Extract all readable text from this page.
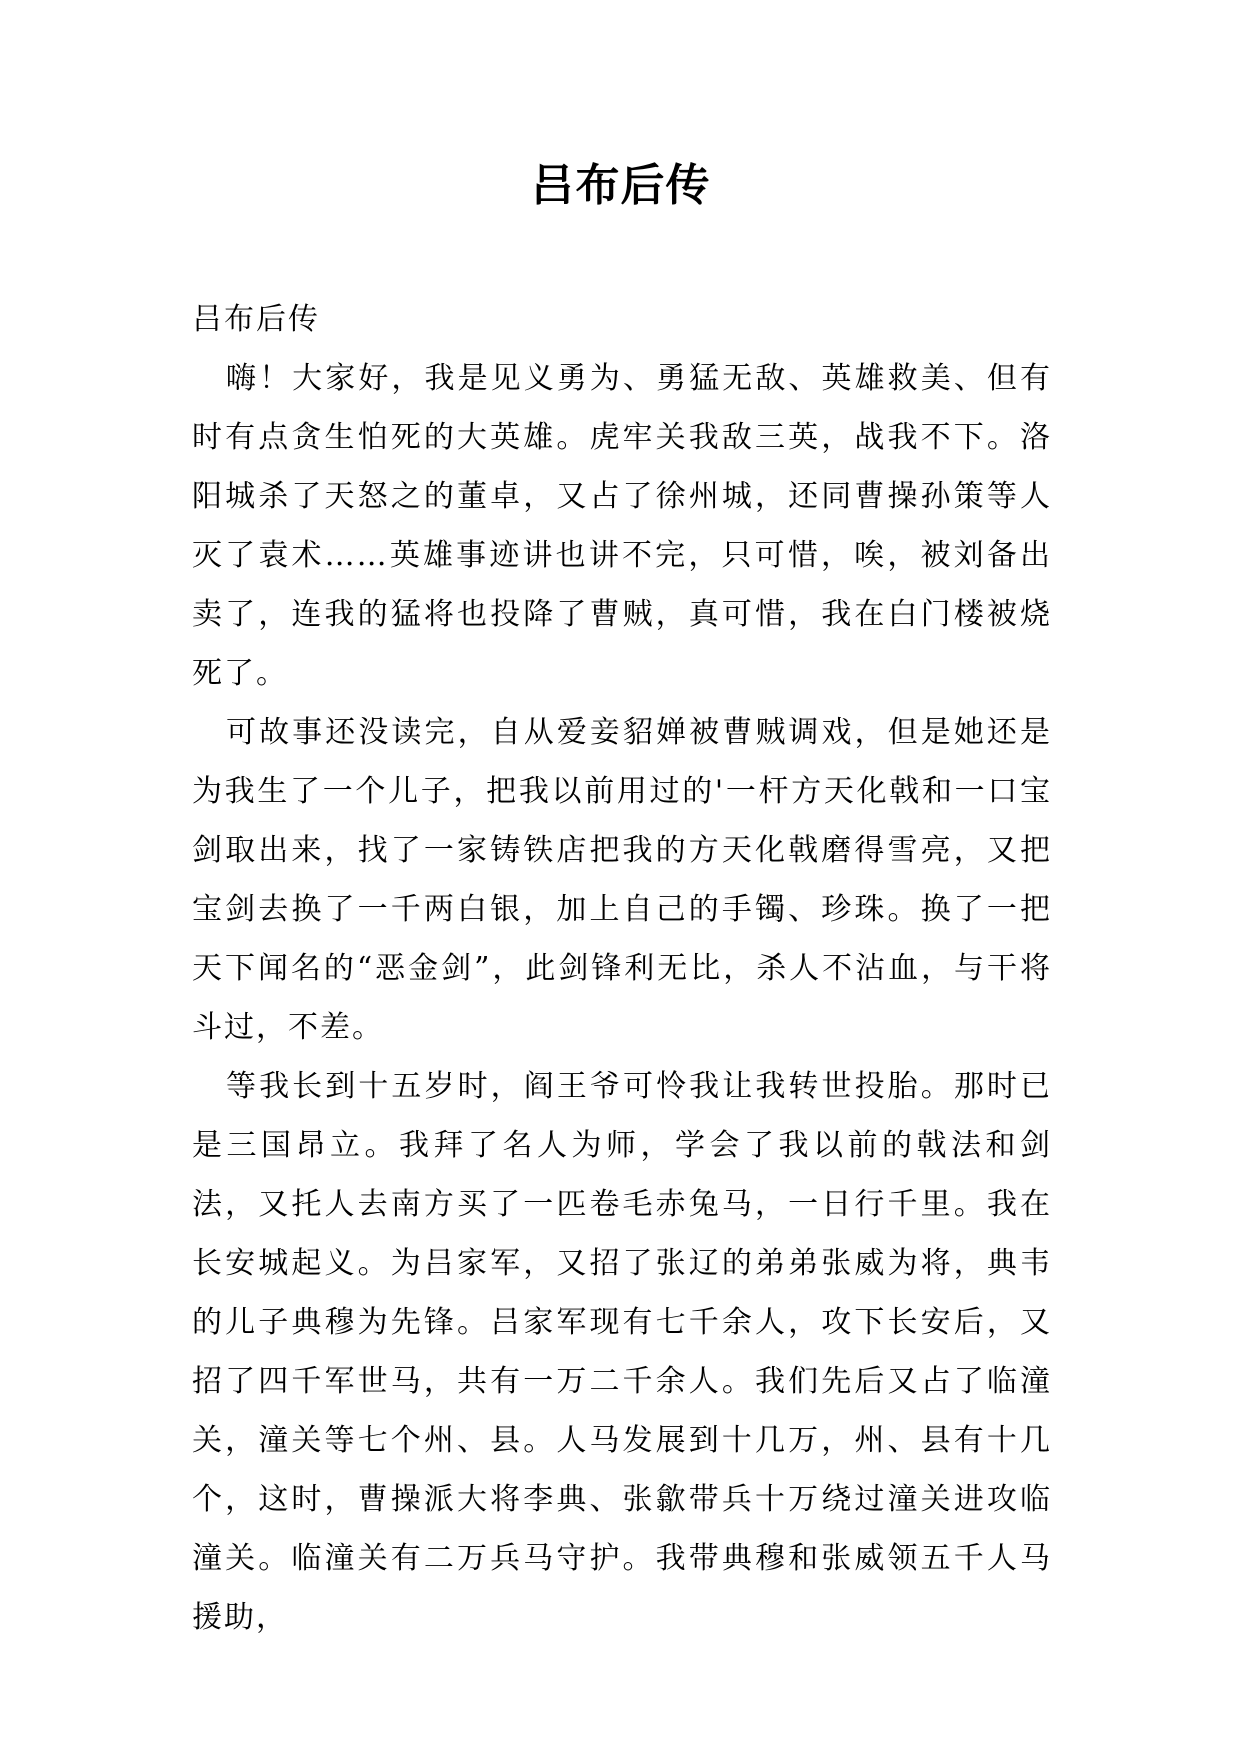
吕布后传

吕布后传

嗨！大家好，我是见义勇为、勇猛无敌、英雄救美、但有时有点贪生怕死的大英雄。虎牢关我敌三英，战我不下。洛阳城杀了天怒之的董卓，又占了徐州城，还同曹操孙策等人灭了袁术……英雄事迹讲也讲不完，只可惜，唉，被刘备出卖了，连我的猛将也投降了曹贼，真可惜，我在白门楼被烧死了。

可故事还没读完，自从爱妾貂婵被曹贼调戏，但是她还是为我生了一个儿子，把我以前用过的'一杆方天化戟和一口宝剑取出来，找了一家铸铁店把我的方天化戟磨得雪亮，又把宝剑去换了一千两白银，加上自己的手镯、珍珠。换了一把天下闻名的“恶金剑”，此剑锋利无比，杀人不沾血，与干将斗过，不差。

等我长到十五岁时，阎王爷可怜我让我转世投胎。那时已是三国昂立。我拜了名人为师，学会了我以前的戟法和剑法，又托人去南方买了一匹卷毛赤兔马，一日行千里。我在长安城起义。为吕家军，又招了张辽的弟弟张威为将，典韦的儿子典穆为先锋。吕家军现有七千余人，攻下长安后，又招了四千军世马，共有一万二千余人。我们先后又占了临潼关，潼关等七个州、县。人马发展到十几万，州、县有十几个，这时，曹操派大将李典、张歙带兵十万绕过潼关进攻临潼关。临潼关有二万兵马守护。我带典穆和张威领五千人马援助，
